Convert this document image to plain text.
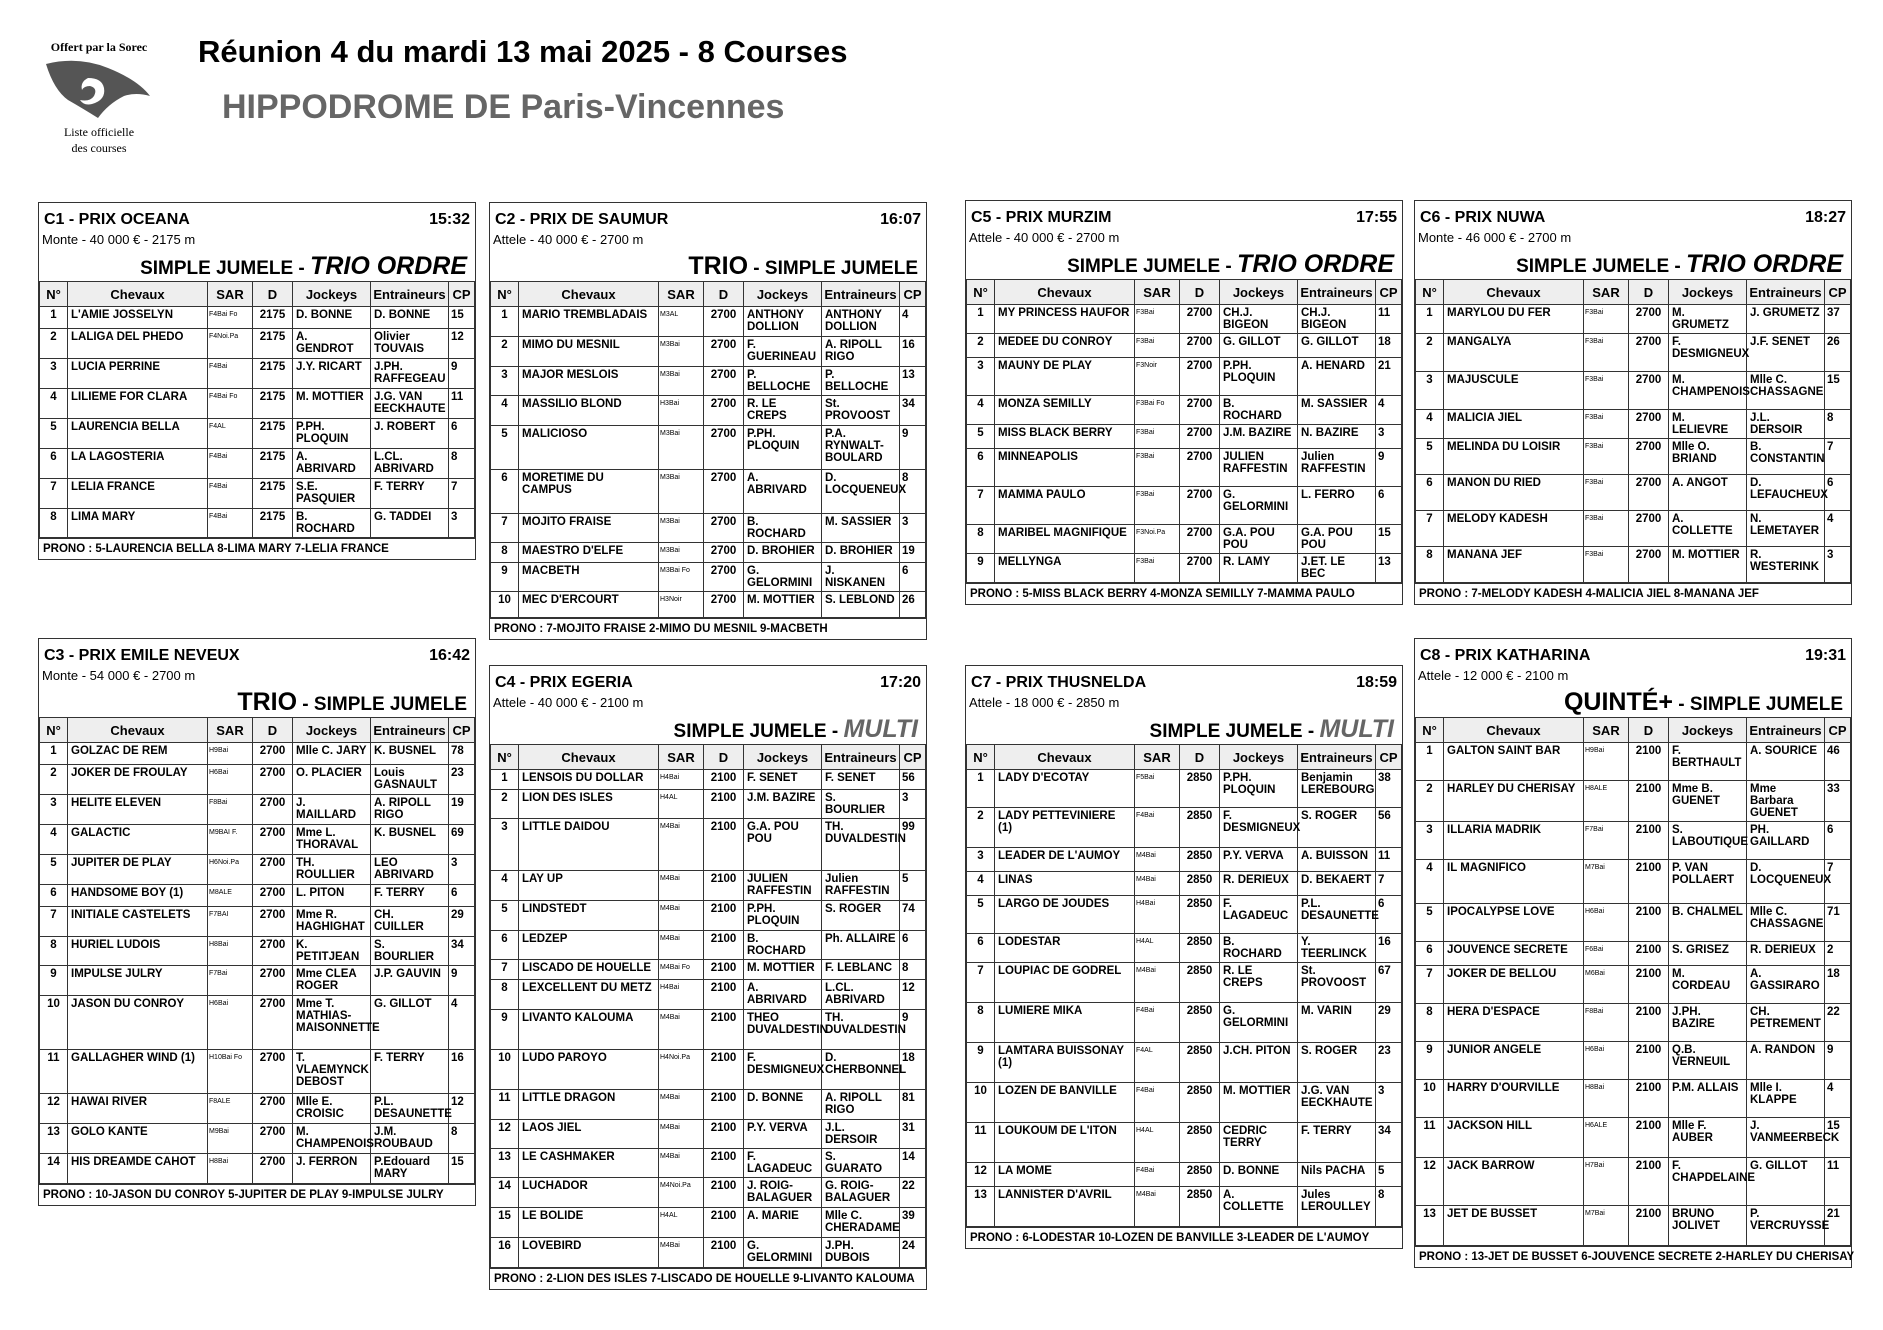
Offert par la Sorec
Liste officielle
des courses
Réunion 4 du mardi 13 mai 2025 - 8 Courses
HIPPODROME DE Paris-Vincennes
C1 - PRIX OCEANA	15:32
Monte - 40 000 € - 2175 m
SIMPLE JUMELE - TRIO ORDRE
N°	Chevaux	SAR	D	Jockeys	Entraineurs	CP
1	L'AMIE JOSSELYN	F4Bai Fo	2175	D. BONNE	D. BONNE	15
2	LALIGA DEL PHEDO	F4Noi.Pa	2175	A. GENDROT	Olivier TOUVAIS	12
3	LUCIA PERRINE	F4Bai	2175	J.Y. RICART	J.PH. RAFFEGEAU	9
4	LILIEME FOR CLARA	F4Bai Fo	2175	M. MOTTIER	J.G. VAN EECKHAUTE	11
5	LAURENCIA BELLA	F4AL	2175	P.PH. PLOQUIN	J. ROBERT	6
6	LA LAGOSTERIA	F4Bai	2175	A. ABRIVARD	L.CL. ABRIVARD	8
7	LELIA FRANCE	F4Bai	2175	S.E. PASQUIER	F. TERRY	7
8	LIMA MARY	F4Bai	2175	B. ROCHARD	G. TADDEI	3
PRONO : 5-LAURENCIA BELLA 8-LIMA MARY 7-LELIA FRANCE
C2 - PRIX DE SAUMUR	16:07
Attele - 40 000 € - 2700 m
TRIO - SIMPLE JUMELE
N°	Chevaux	SAR	D	Jockeys	Entraineurs	CP
1	MARIO TREMBLADAIS	M3AL	2700	ANTHONY DOLLION	ANTHONY DOLLION	4
2	MIMO DU MESNIL	M3Bai	2700	F. GUERINEAU	A. RIPOLL RIGO	16
3	MAJOR MESLOIS	M3Bai	2700	P. BELLOCHE	P. BELLOCHE	13
4	MASSILIO BLOND	H3Bai	2700	R. LE CREPS	St. PROVOOST	34
5	MALICIOSO	M3Bai	2700	P.PH. PLOQUIN	P.A. RYNWALT-BOULARD	9
6	MORETIME DU CAMPUS	M3Bai	2700	A. ABRIVARD	D. LOCQUENEUX	8
7	MOJITO FRAISE	M3Bai	2700	B. ROCHARD	M. SASSIER	3
8	MAESTRO D'ELFE	M3Bai	2700	D. BROHIER	D. BROHIER	19
9	MACBETH	M3Bai Fo	2700	G. GELORMINI	J. NISKANEN	6
10	MEC D'ERCOURT	H3Noir	2700	M. MOTTIER	S. LEBLOND	26
PRONO : 7-MOJITO FRAISE 2-MIMO DU MESNIL 9-MACBETH
C3 - PRIX EMILE NEVEUX	16:42
Monte - 54 000 € - 2700 m
TRIO - SIMPLE JUMELE
N°	Chevaux	SAR	D	Jockeys	Entraineurs	CP
1	GOLZAC DE REM	H9Bai	2700	Mlle C. JARY	K. BUSNEL	78
2	JOKER DE FROULAY	H6Bai	2700	O. PLACIER	Louis GASNAULT	23
3	HELITE ELEVEN	F8Bai	2700	J. MAILLARD	A. RIPOLL RIGO	19
4	GALACTIC	M9BAI F.	2700	Mme L. THORAVAL	K. BUSNEL	69
5	JUPITER DE PLAY	H6Noi.Pa	2700	TH. ROULLIER	LEO ABRIVARD	3
6	HANDSOME BOY (1)	M8ALE	2700	L. PITON	F. TERRY	6
7	INITIALE CASTELETS	F7BAI	2700	Mme R. HAGHIGHAT	CH. CUILLER	29
8	HURIEL LUDOIS	H8Bai	2700	K. PETITJEAN	S. BOURLIER	34
9	IMPULSE JULRY	F7Bai	2700	Mme CLEA ROGER	J.P. GAUVIN	9
10	JASON DU CONROY	H6Bai	2700	Mme T. MATHIAS-MAISONNETTE	G. GILLOT	4
11	GALLAGHER WIND (1)	H10Bai Fo	2700	T. VLAEMYNCK DEBOST	F. TERRY	16
12	HAWAI RIVER	F8ALE	2700	Mlle E. CROISIC	P.L. DESAUNETTE	12
13	GOLO KANTE	M9Bai	2700	M. CHAMPENOIS	J.M. ROUBAUD	8
14	HIS DREAMDE CAHOT	H8Bai	2700	J. FERRON	P.Edouard MARY	15
PRONO : 10-JASON DU CONROY 5-JUPITER DE PLAY 9-IMPULSE JULRY
C4 - PRIX EGERIA	17:20
Attele - 40 000 € - 2100 m
SIMPLE JUMELE - MULTI
N°	Chevaux	SAR	D	Jockeys	Entraineurs	CP
1	LENSOIS DU DOLLAR	H4Bai	2100	F. SENET	F. SENET	56
2	LION DES ISLES	H4AL	2100	J.M. BAZIRE	S. BOURLIER	3
3	LITTLE DAIDOU	M4Bai	2100	G.A. POU POU	TH. DUVALDESTIN	99
4	LAY UP	M4Bai	2100	JULIEN RAFFESTIN	Julien RAFFESTIN	5
5	LINDSTEDT	M4Bai	2100	P.PH. PLOQUIN	S. ROGER	74
6	LEDZEP	M4Bai	2100	B. ROCHARD	Ph. ALLAIRE	6
7	LISCADO DE HOUELLE	M4Bai Fo	2100	M. MOTTIER	F. LEBLANC	8
8	LEXCELLENT DU METZ	H4Bai	2100	A. ABRIVARD	L.CL. ABRIVARD	12
9	LIVANTO KALOUMA	M4Bai	2100	THEO DUVALDESTIN	TH. DUVALDESTIN	9
10	LUDO PAROYO	H4Noi.Pa	2100	F. DESMIGNEUX	D. CHERBONNEL	18
11	LITTLE DRAGON	M4Bai	2100	D. BONNE	A. RIPOLL RIGO	81
12	LAOS JIEL	M4Bai	2100	P.Y. VERVA	J.L. DERSOIR	31
13	LE CASHMAKER	M4Bai	2100	F. LAGADEUC	S. GUARATO	14
14	LUCHADOR	M4Noi.Pa	2100	J. ROIG-BALAGUER	G. ROIG-BALAGUER	22
15	LE BOLIDE	H4AL	2100	A. MARIE	Mlle C. CHERADAME	39
16	LOVEBIRD	M4Bai	2100	G. GELORMINI	J.PH. DUBOIS	24
PRONO : 2-LION DES ISLES 7-LISCADO DE HOUELLE 9-LIVANTO KALOUMA
C5 - PRIX MURZIM	17:55
Attele - 40 000 € - 2700 m
SIMPLE JUMELE - TRIO ORDRE
N°	Chevaux	SAR	D	Jockeys	Entraineurs	CP
1	MY PRINCESS HAUFOR	F3Bai	2700	CH.J. BIGEON	CH.J. BIGEON	11
2	MEDEE DU CONROY	F3Bai	2700	G. GILLOT	G. GILLOT	18
3	MAUNY DE PLAY	F3Noir	2700	P.PH. PLOQUIN	A. HENARD	21
4	MONZA SEMILLY	F3Bai Fo	2700	B. ROCHARD	M. SASSIER	4
5	MISS BLACK BERRY	F3Bai	2700	J.M. BAZIRE	N. BAZIRE	3
6	MINNEAPOLIS	F3Bai	2700	JULIEN RAFFESTIN	Julien RAFFESTIN	9
7	MAMMA PAULO	F3Bai	2700	G. GELORMINI	L. FERRO	6
8	MARIBEL MAGNIFIQUE	F3Noi.Pa	2700	G.A. POU POU	G.A. POU POU	15
9	MELLYNGA	F3Bai	2700	R. LAMY	J.ET. LE BEC	13
PRONO : 5-MISS BLACK BERRY 4-MONZA SEMILLY 7-MAMMA PAULO
C6 - PRIX NUWA	18:27
Monte - 46 000 € - 2700 m
SIMPLE JUMELE - TRIO ORDRE
N°	Chevaux	SAR	D	Jockeys	Entraineurs	CP
1	MARYLOU DU FER	F3Bai	2700	M. GRUMETZ	J. GRUMETZ	37
2	MANGALYA	F3Bai	2700	F. DESMIGNEUX	J.F. SENET	26
3	MAJUSCULE	F3Bai	2700	M. CHAMPENOIS	Mlle C. CHASSAGNE	15
4	MALICIA JIEL	F3Bai	2700	M. LELIEVRE	J.L. DERSOIR	8
5	MELINDA DU LOISIR	F3Bai	2700	Mlle O. BRIAND	B. CONSTANTIN	7
6	MANON DU RIED	F3Bai	2700	A. ANGOT	D. LEFAUCHEUX	6
7	MELODY KADESH	F3Bai	2700	A. COLLETTE	N. LEMETAYER	4
8	MANANA JEF	F3Bai	2700	M. MOTTIER	R. WESTERINK	3
PRONO : 7-MELODY KADESH 4-MALICIA JIEL 8-MANANA JEF
C7 - PRIX THUSNELDA	18:59
Attele - 18 000 € - 2850 m
SIMPLE JUMELE - MULTI
N°	Chevaux	SAR	D	Jockeys	Entraineurs	CP
1	LADY D'ECOTAY	F5Bai	2850	P.PH. PLOQUIN	Benjamin LEREBOURG	38
2	LADY PETTEVINIERE (1)	F4Bai	2850	F. DESMIGNEUX	S. ROGER	56
3	LEADER DE L'AUMOY	M4Bai	2850	P.Y. VERVA	A. BUISSON	11
4	LINAS	M4Bai	2850	R. DERIEUX	D. BEKAERT	7
5	LARGO DE JOUDES	H4Bai	2850	F. LAGADEUC	P.L. DESAUNETTE	6
6	LODESTAR	H4AL	2850	B. ROCHARD	Y. TEERLINCK	16
7	LOUPIAC DE GODREL	M4Bai	2850	R. LE CREPS	St. PROVOOST	67
8	LUMIERE MIKA	F4Bai	2850	G. GELORMINI	M. VARIN	29
9	LAMTARA BUISSONAY (1)	F4AL	2850	J.CH. PITON	S. ROGER	23
10	LOZEN DE BANVILLE	F4Bai	2850	M. MOTTIER	J.G. VAN EECKHAUTE	3
11	LOUKOUM DE L'ITON	H4AL	2850	CEDRIC TERRY	F. TERRY	34
12	LA MOME	F4Bai	2850	D. BONNE	Nils PACHA	5
13	LANNISTER D'AVRIL	M4Bai	2850	A. COLLETTE	Jules LEROULLEY	8
PRONO : 6-LODESTAR 10-LOZEN DE BANVILLE 3-LEADER DE L'AUMOY
C8 - PRIX KATHARINA	19:31
Attele - 12 000 € - 2100 m
QUINTÉ+ - SIMPLE JUMELE
N°	Chevaux	SAR	D	Jockeys	Entraineurs	CP
1	GALTON SAINT BAR	H9Bai	2100	F. BERTHAULT	A. SOURICE	46
2	HARLEY DU CHERISAY	H8ALE	2100	Mme B. GUENET	Mme Barbara GUENET	33
3	ILLARIA MADRIK	F7Bai	2100	S. LABOUTIQUE	PH. GAILLARD	6
4	IL MAGNIFICO	M7Bai	2100	P. VAN POLLAERT	D. LOCQUENEUX	7
5	IPOCALYPSE LOVE	H6Bai	2100	B. CHALMEL	Mlle C. CHASSAGNE	71
6	JOUVENCE SECRETE	F6Bai	2100	S. GRISEZ	R. DERIEUX	2
7	JOKER DE BELLOU	M6Bai	2100	M. CORDEAU	A. GASSIRARO	18
8	HERA D'ESPACE	F8Bai	2100	J.PH. BAZIRE	CH. PETREMENT	22
9	JUNIOR ANGELE	H6Bai	2100	Q.B. VERNEUIL	A. RANDON	9
10	HARRY D'OURVILLE	H8Bai	2100	P.M. ALLAIS	Mlle I. KLAPPE	4
11	JACKSON HILL	H6ALE	2100	Mlle F. AUBER	J. VANMEERBECK	15
12	JACK BARROW	H7Bai	2100	F. CHAPDELAINE	G. GILLOT	11
13	JET DE BUSSET	M7Bai	2100	BRUNO JOLIVET	P. VERCRUYSSE	21
PRONO : 13-JET DE BUSSET 6-JOUVENCE SECRETE 2-HARLEY DU CHERISAY
